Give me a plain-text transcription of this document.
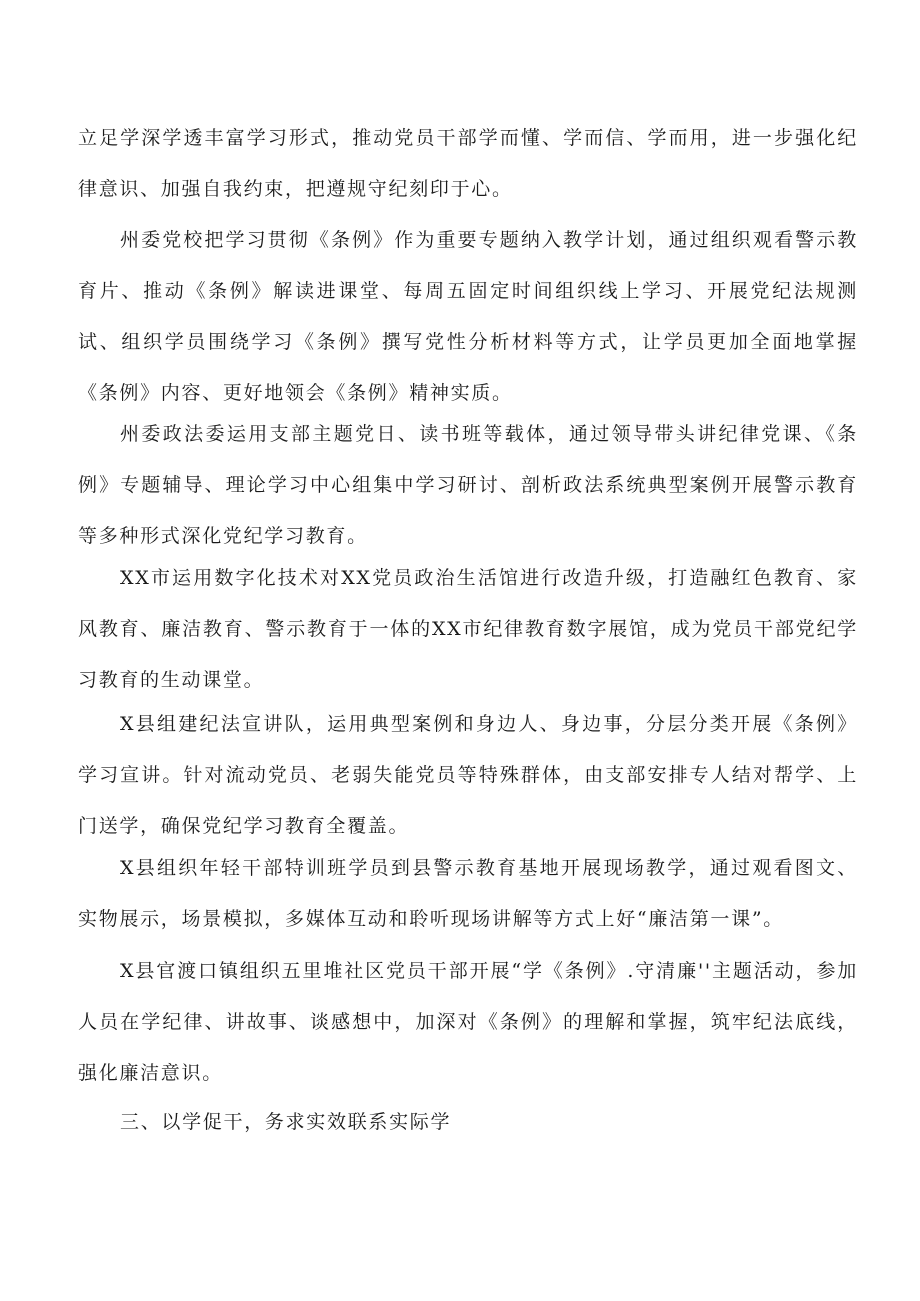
立足学深学透丰富学习形式，推动党员干部学而懂、学而信、学而用，进一步强化纪律意识、加强自我约束，把遵规守纪刻印于心。

州委党校把学习贯彻《条例》作为重要专题纳入教学计划，通过组织观看警示教育片、推动《条例》解读进课堂、每周五固定时间组织线上学习、开展党纪法规测试、组织学员围绕学习《条例》撰写党性分析材料等方式，让学员更加全面地掌握《条例》内容、更好地领会《条例》精神实质。

州委政法委运用支部主题党日、读书班等载体，通过领导带头讲纪律党课、《条例》专题辅导、理论学习中心组集中学习研讨、剖析政法系统典型案例开展警示教育等多种形式深化党纪学习教育。

XX市运用数字化技术对XX党员政治生活馆进行改造升级，打造融红色教育、家风教育、廉洁教育、警示教育于一体的XX市纪律教育数字展馆，成为党员干部党纪学习教育的生动课堂。

X县组建纪法宣讲队，运用典型案例和身边人、身边事，分层分类开展《条例》学习宣讲。针对流动党员、老弱失能党员等特殊群体，由支部安排专人结对帮学、上门送学，确保党纪学习教育全覆盖。

X县组织年轻干部特训班学员到县警示教育基地开展现场教学，通过观看图文、实物展示，场景模拟，多媒体互动和聆听现场讲解等方式上好“廉洁第一课”。

X县官渡口镇组织五里堆社区党员干部开展“学《条例》.守清廉''主题活动，参加人员在学纪律、讲故事、谈感想中，加深对《条例》的理解和掌握，筑牢纪法底线，强化廉洁意识。

三、以学促干，务求实效联系实际学
